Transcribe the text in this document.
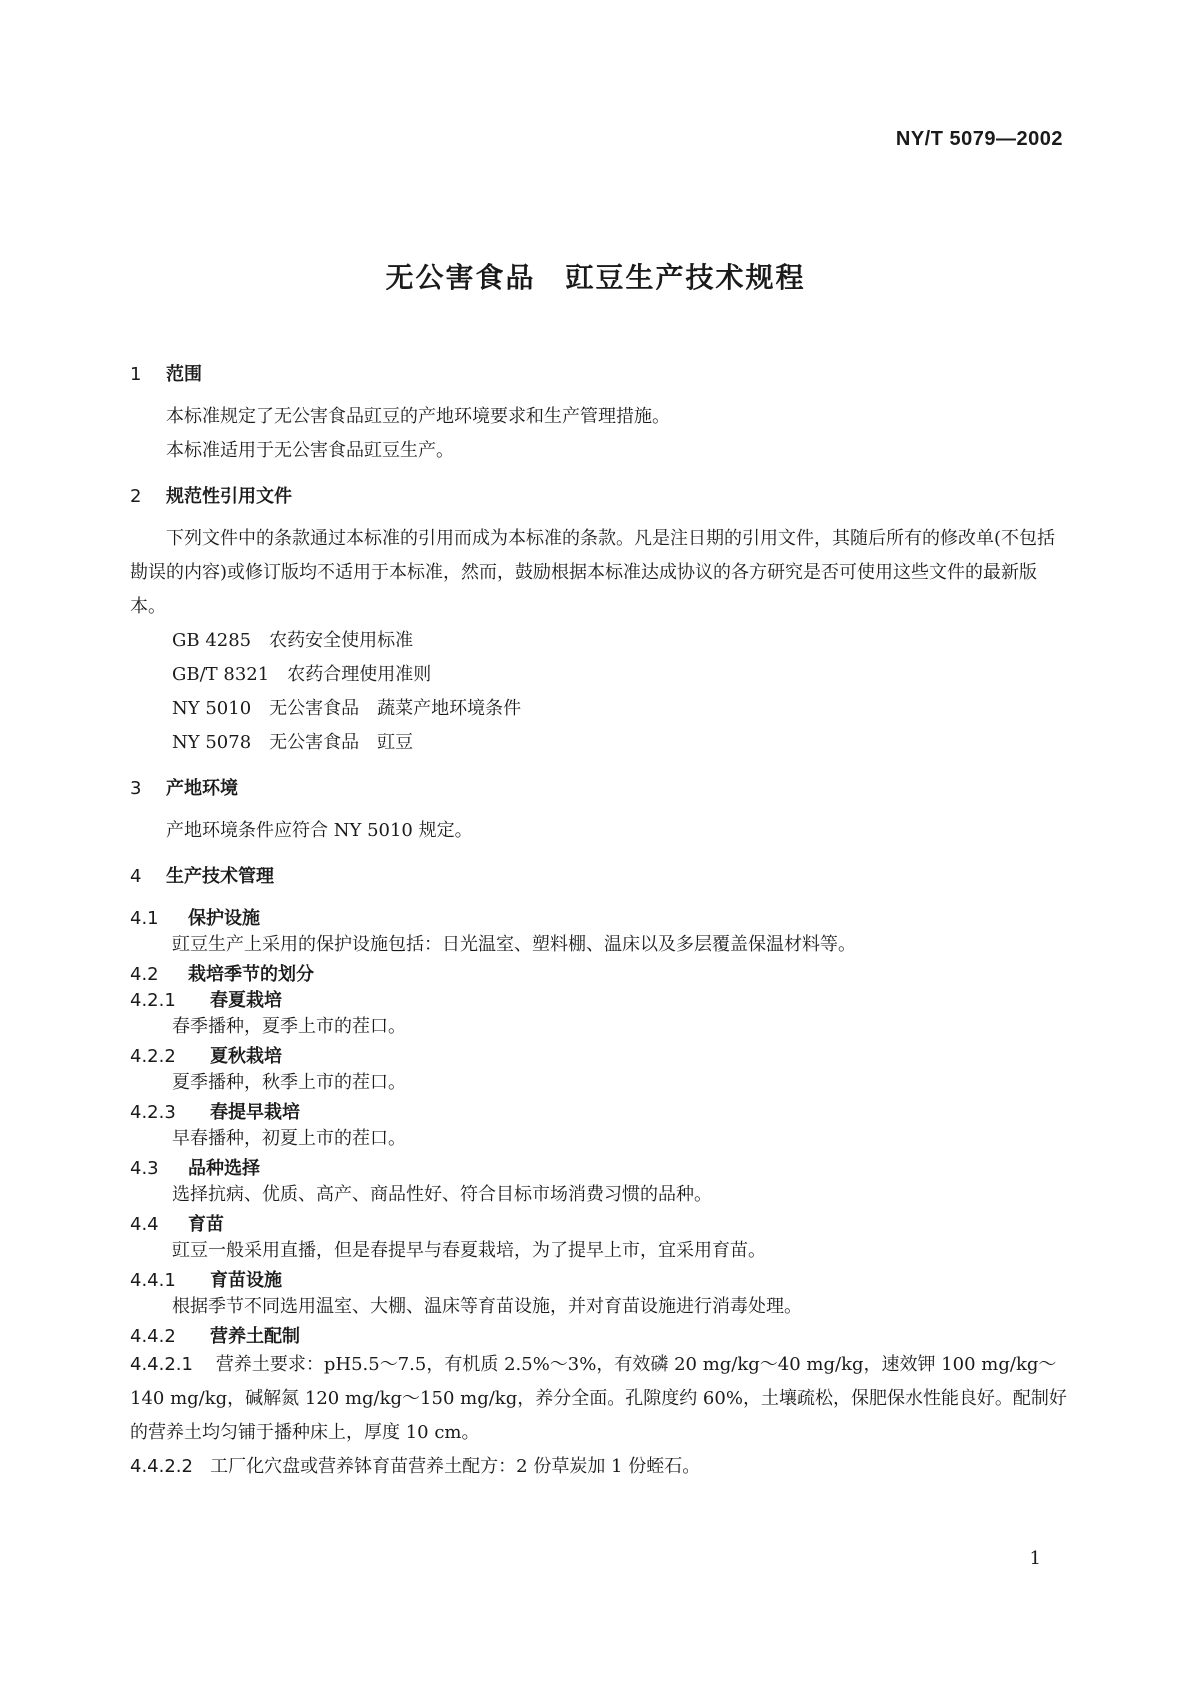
NY/T 5079—2002
无公害食品　豇豆生产技术规程
1 范围

本标准规定了无公害食品豇豆的产地环境要求和生产管理措施。

本标准适用于无公害食品豇豆生产。

2 规范性引用文件

下列文件中的条款通过本标准的引用而成为本标准的条款。凡是注日期的引用文件，其随后所有的修改单(不包括勘误的内容)或修订版均不适用于本标准，然而，鼓励根据本标准达成协议的各方研究是否可使用这些文件的最新版本。

GB 4285　农药安全使用标准
GB/T 8321　农药合理使用准则
NY 5010　无公害食品　蔬菜产地环境条件
NY 5078　无公害食品　豇豆
3 产地环境

产地环境条件应符合 NY 5010 规定。

4 生产技术管理
4.1 保护设施
豇豆生产上采用的保护设施包括：日光温室、塑料棚、温床以及多层覆盖保温材料等。
4.2 栽培季节的划分
4.2.1 春夏栽培
春季播种，夏季上市的茬口。
4.2.2 夏秋栽培
夏季播种，秋季上市的茬口。
4.2.3 春提早栽培
早春播种，初夏上市的茬口。
4.3 品种选择
选择抗病、优质、高产、商品性好、符合目标市场消费习惯的品种。
4.4 育苗
豇豆一般采用直播，但是春提早与春夏栽培，为了提早上市，宜采用育苗。
4.4.1 育苗设施
根据季节不同选用温室、大棚、温床等育苗设施，并对育苗设施进行消毒处理。
4.4.2 营养土配制

4.4.2.1 营养土要求：pH5.5～7.5，有机质 2.5%～3%，有效磷 20 mg/kg～40 mg/kg，速效钾 100 mg/kg～140 mg/kg，碱解氮 120 mg/kg～150 mg/kg，养分全面。孔隙度约 60%，土壤疏松，保肥保水性能良好。配制好的营养土均匀铺于播种床上，厚度 10 cm。

4.4.2.2 工厂化穴盘或营养钵育苗营养土配方：2 份草炭加 1 份蛭石。

1
